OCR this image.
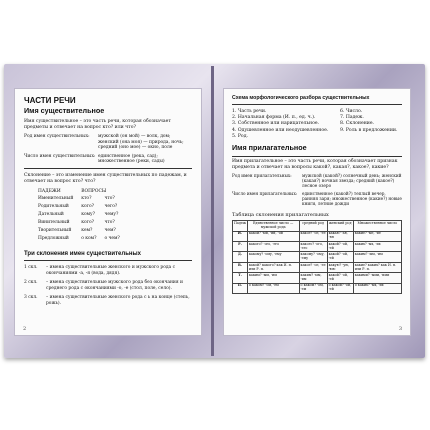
ЧАСТИ РЕЧИ
Имя существительное
Имя существительное – это часть речи, которая обозначает предметы и отвечает на вопрос кто? или что?
Род имен существительных:	мужской (он мой) — волк, дом; женский (она моя) — природа, ночь; средний (оно мое) — окно, поле
Число имен существительных: единственное (река, сад); множественное (реки, сады)
Склонение – это изменение имен существительных по падежам, и отвечает на вопрос кто? что?
ПАДЕЖИ	ВОПРОСЫ	
Именительный	кто?	что?
Родительный	кого?	чего?
Дательный	кому?	чему?
Винительный	кого?	что?
Творительный	кем?	чем?
Предложный	о ком?	о чем?
Три склонения имен существительных
1 скл.	– имена существительные женского и мужского рода с окончаниями -а, -я (вода, дядя).
2 скл.	– имена существительные мужского рода без окончания и среднего рода с окончаниями -о, -е (стол, поле, село).
3 скл.	– имена существительные женского рода с ь на конце (степь, рожь).
2
Схема морфологического разбора существительных
1. Часть речи.
2. Начальная форма (И. п., ед. ч.).
3. Собственное или нарицательное.
4. Одушевленное или неодушевленное.
5. Род.
6. Число.
7. Падеж.
8. Склонение.
9. Роль в предложении.
Имя прилагательное
Имя прилагательное – это часть речи, которая обозначает признак предмета и отвечает на вопросы какой?, какая?, какое?, какие?
Род имен прилагательных:	мужской (какой?) солнечный день; женский (какая?) ночная звезда; средний (какое?) лесное озеро
Число имен прилагательных:	единственное (какой?) теплый вечер, ранняя заря; множественное (какие?) новые книги, летние дожди
Таблица склонения прилагательных
Падеж	Единственное число — мужской рода	средний род	женский род	Множественное число
И.	какой? -ый, -ий, -ой	какое? -ое, -ее	какая? -ая, -яя	какие? -ые, -ие
Р.	какого? -ого, -его	какого? -ого, -его	какой? -ой, -ей	каких? -ых, -их
Д.	какому? -ому, -ему	какому? -ому, -ему	какой? -ой, -ей	каким? -ым, -им
В.	какой? какого? как И. п. или Р. п.	какое? -ое, -ее	какую? -ую, -юю	какие? каких? как И. п. или Р. п.
Т.	каким? -ым, -им	каким? -ым, -им	какой? -ой, -ей	какими? -ыми, -ими
П.	о каком? -ом, -ем	о каком? -ом, -ем	о какой? -ой, -ей	о каких? -ых, -их
3
